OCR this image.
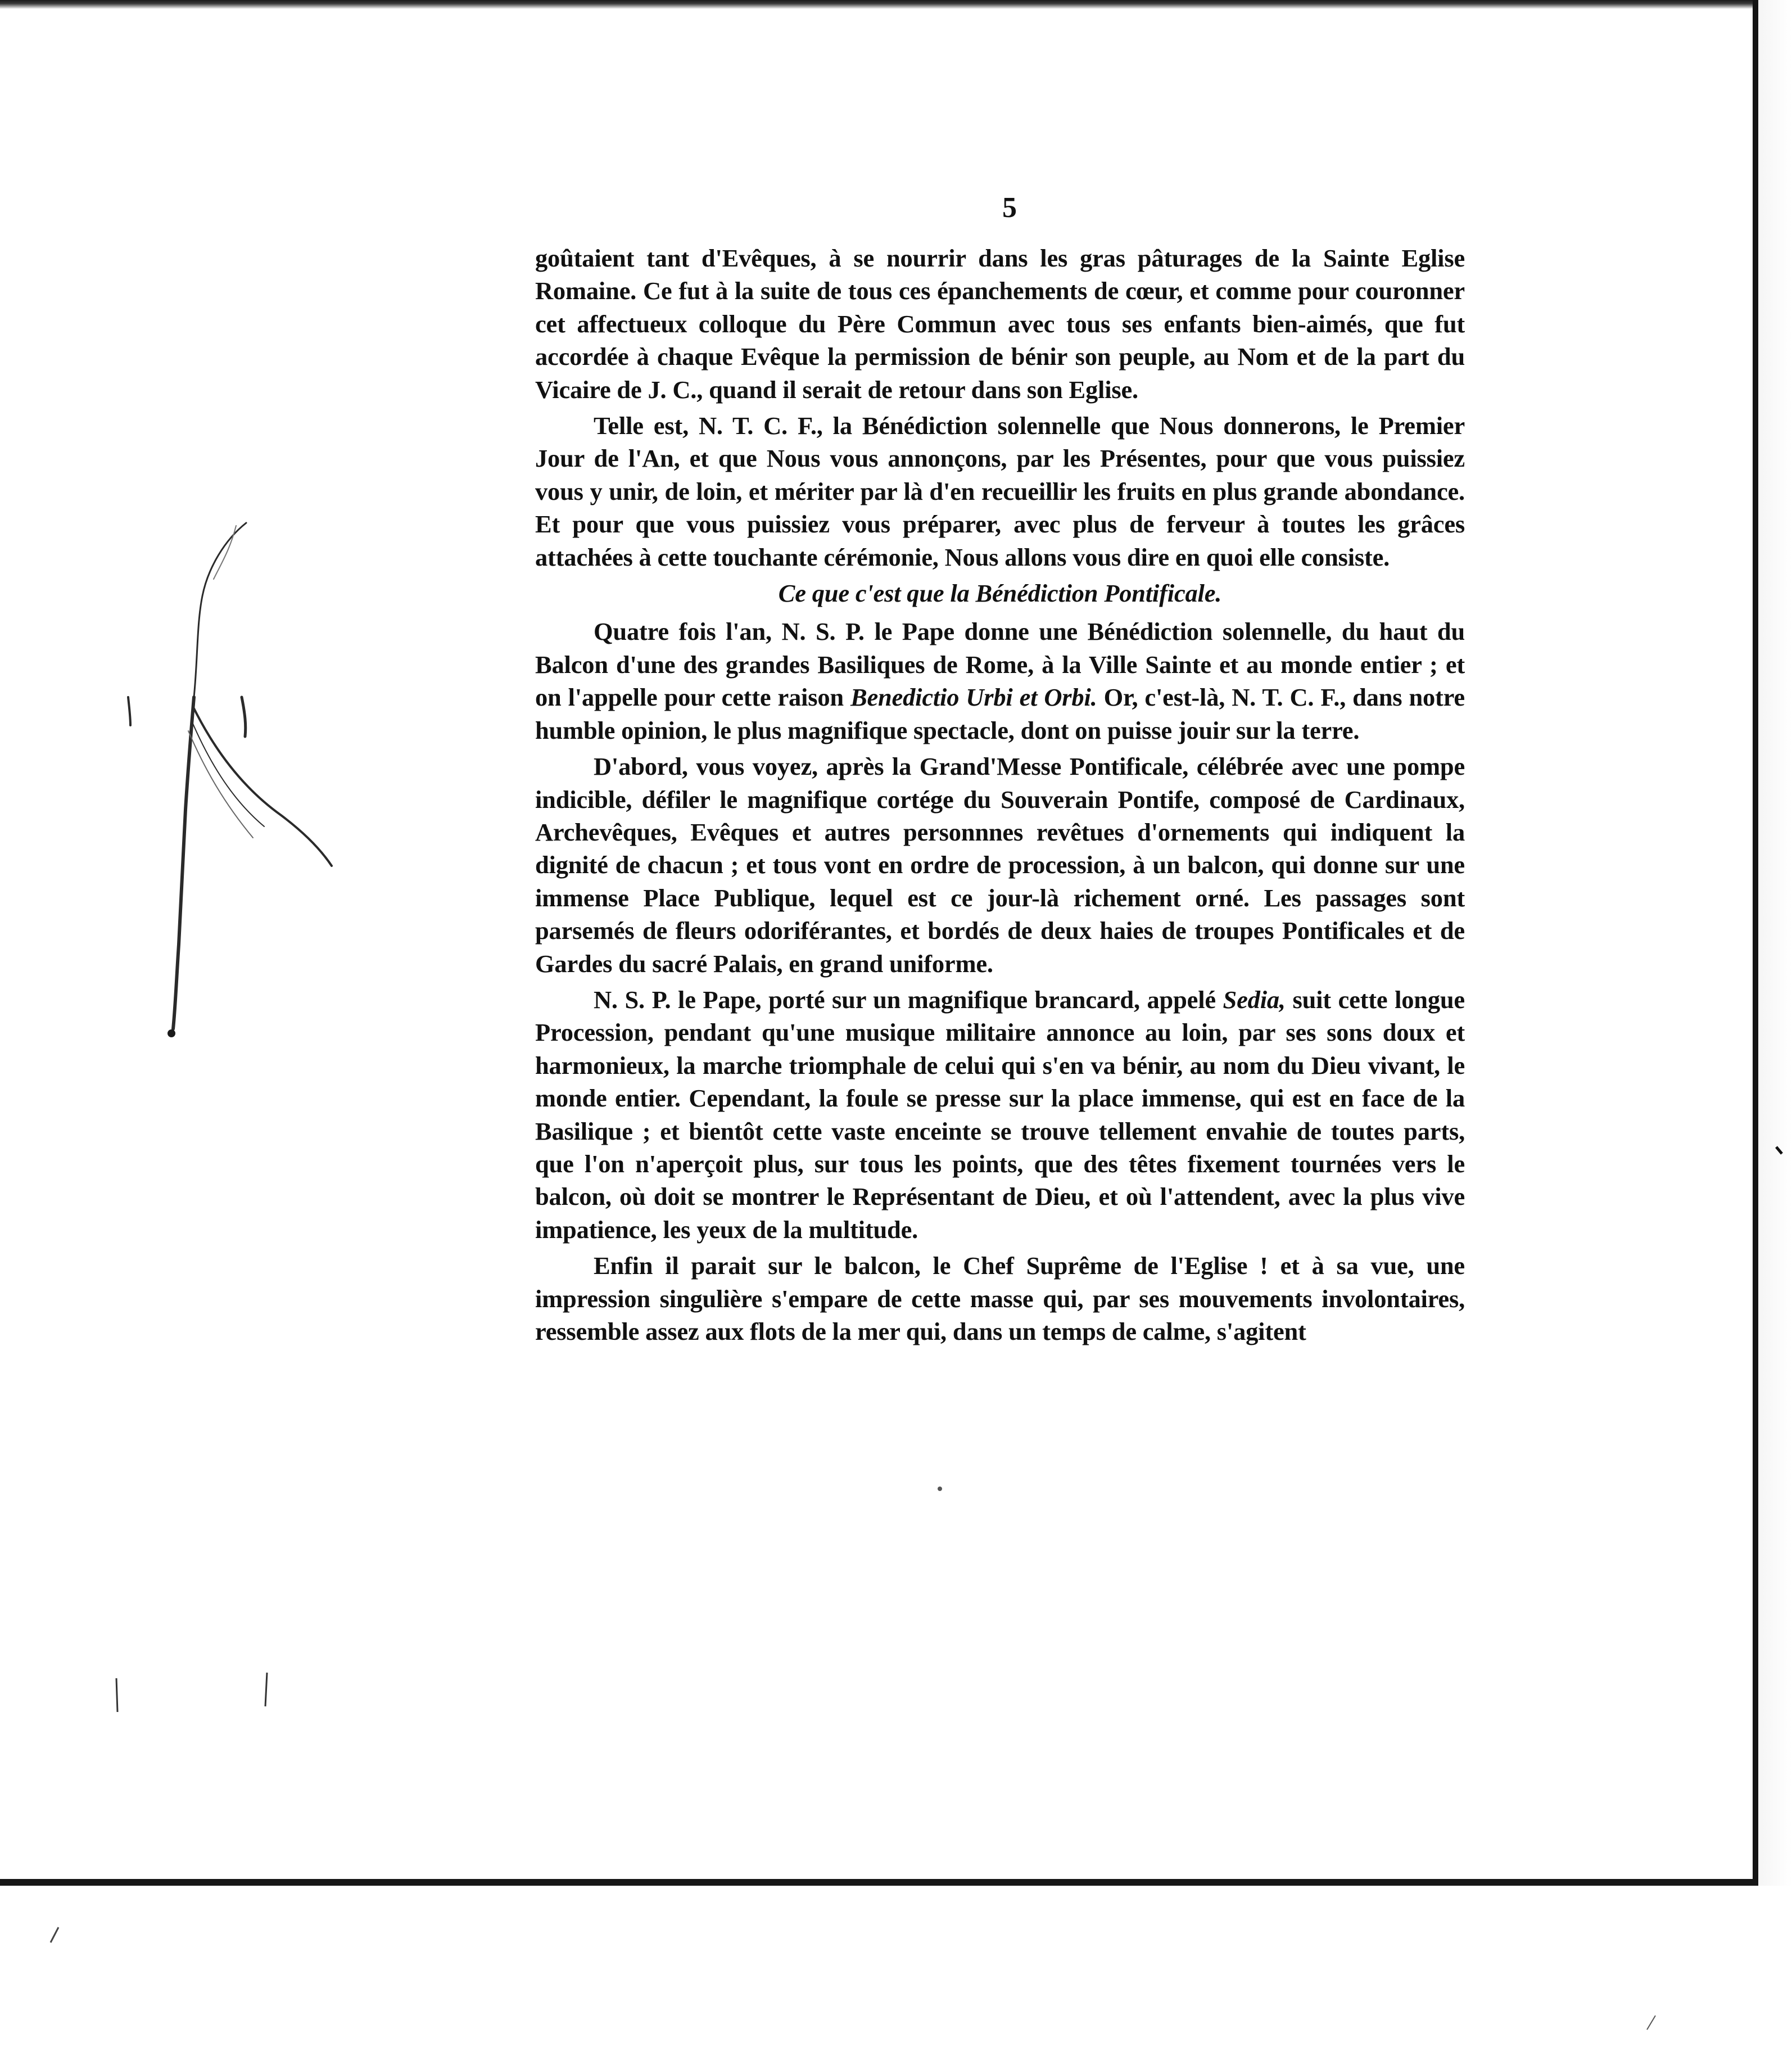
5

goûtaient tant d'Evêques, à se nourrir dans les gras pâturages de la Sainte Eglise Romaine. Ce fut à la suite de tous ces épanchements de cœur, et comme pour couronner cet affectueux colloque du Père Commun avec tous ses enfants bien-aimés, que fut accordée à chaque Evêque la permission de bénir son peuple, au Nom et de la part du Vicaire de J. C., quand il serait de retour dans son Eglise.

Telle est, N. T. C. F., la Bénédiction solennelle que Nous donnerons, le Premier Jour de l'An, et que Nous vous annonçons, par les Présentes, pour que vous puissiez vous y unir, de loin, et mériter par là d'en recueillir les fruits en plus grande abondance. Et pour que vous puissiez vous préparer, avec plus de ferveur à toutes les grâces attachées à cette touchante cérémonie, Nous allons vous dire en quoi elle consiste.

Ce que c'est que la Bénédiction Pontificale.

Quatre fois l'an, N. S. P. le Pape donne une Bénédiction solennelle, du haut du Balcon d'une des grandes Basiliques de Rome, à la Ville Sainte et au monde entier ; et on l'appelle pour cette raison Benedictio Urbi et Orbi. Or, c'est-là, N. T. C. F., dans notre humble opinion, le plus magnifique spectacle, dont on puisse jouir sur la terre.

D'abord, vous voyez, après la Grand'Messe Pontificale, célébrée avec une pompe indicible, défiler le magnifique cortége du Souverain Pontife, composé de Cardinaux, Archevêques, Evêques et autres personnnes revêtues d'ornements qui indiquent la dignité de chacun ; et tous vont en ordre de procession, à un balcon, qui donne sur une immense Place Publique, lequel est ce jour-là richement orné. Les passages sont parsemés de fleurs odoriférantes, et bordés de deux haies de troupes Pontificales et de Gardes du sacré Palais, en grand uniforme.

N. S. P. le Pape, porté sur un magnifique brancard, appelé Sedia, suit cette longue Procession, pendant qu'une musique militaire annonce au loin, par ses sons doux et harmonieux, la marche triomphale de celui qui s'en va bénir, au nom du Dieu vivant, le monde entier. Cependant, la foule se presse sur la place immense, qui est en face de la Basilique ; et bientôt cette vaste enceinte se trouve tellement envahie de toutes parts, que l'on n'aperçoit plus, sur tous les points, que des têtes fixement tournées vers le balcon, où doit se montrer le Représentant de Dieu, et où l'attendent, avec la plus vive impatience, les yeux de la multitude.

Enfin il parait sur le balcon, le Chef Suprême de l'Eglise ! et à sa vue, une impression singulière s'empare de cette masse qui, par ses mouvements involontaires, ressemble assez aux flots de la mer qui, dans un temps de calme, s'agitent
